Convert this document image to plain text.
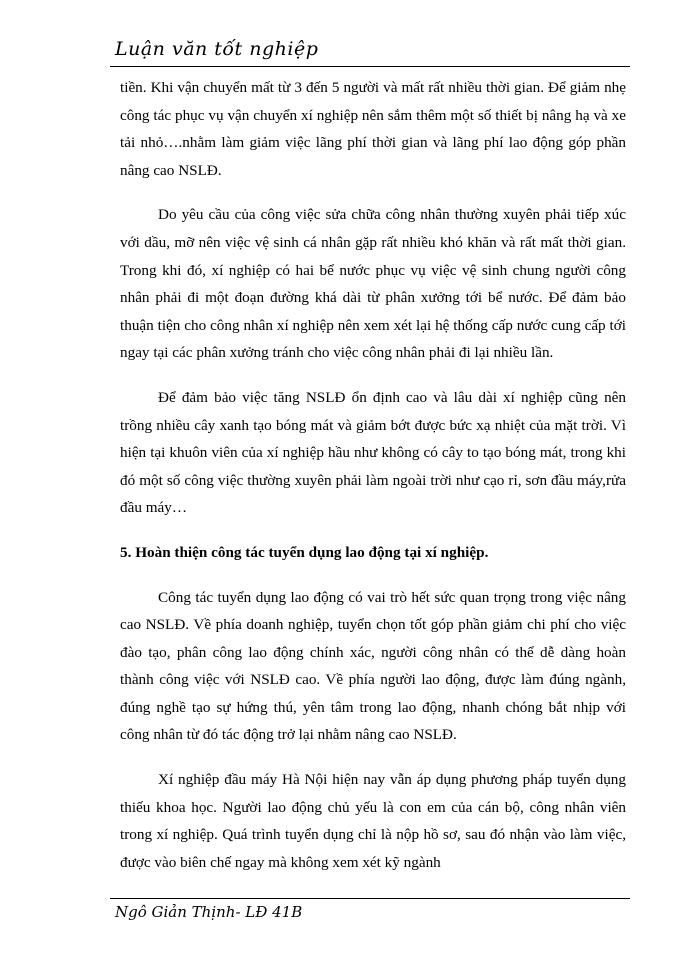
Luận văn tốt nghiệp

tiền. Khi vận chuyển mất từ 3 đến 5 người và mất rất nhiều thời gian. Để giảm nhẹ công tác phục vụ vận chuyển xí nghiệp nên sắm thêm một số thiết bị nâng hạ và xe tải nhỏ….nhằm làm giảm việc lãng phí thời gian và lãng phí lao động góp phần nâng cao NSLĐ.

Do yêu cầu của công việc sửa chữa công nhân thường xuyên phải tiếp xúc với dầu, mỡ nên việc vệ sinh cá nhân gặp rất nhiều khó khăn và rất mất thời gian. Trong khi đó, xí nghiệp có hai bể nước phục vụ việc vệ sinh chung người công nhân phải đi một đoạn đường khá dài từ phân xưởng tới bể nước. Để đảm bảo thuận tiện cho công nhân xí nghiệp nên xem xét lại hệ thống cấp nước cung cấp tới ngay tại các phân xưởng tránh cho việc công nhân phải đi lại nhiều lần.

Để đảm bảo việc tăng NSLĐ ổn định cao và lâu dài xí nghiệp cũng nên trồng nhiều cây xanh tạo bóng mát và giảm bớt được bức xạ nhiệt của mặt trời. Vì hiện tại khuôn viên của xí nghiệp hầu như không có cây to tạo bóng mát, trong khi đó một số công việc thường xuyên phải làm ngoài trời như cạo rỉ, sơn đầu máy,rửa đầu máy…

5. Hoàn thiện công tác tuyển dụng lao động tại xí nghiệp.

Công tác tuyển dụng lao động có vai trò hết sức quan trọng trong việc nâng cao NSLĐ. Về phía doanh nghiệp, tuyển chọn tốt góp phần giảm chi phí cho việc đào tạo, phân công lao động chính xác, người công nhân có thể dễ dàng hoàn thành công việc với NSLĐ cao. Về phía người lao động, được làm đúng ngành, đúng nghề tạo sự hứng thú, yên tâm trong lao động, nhanh chóng bắt nhịp với công nhân từ đó tác động trở lại nhằm nâng cao NSLĐ.

Xí nghiệp đầu máy Hà Nội hiện nay vẫn áp dụng phương pháp tuyển dụng thiếu khoa học. Người lao động chủ yếu là con em của cán bộ, công nhân viên trong xí nghiệp. Quá trình tuyển dụng chỉ là nộp hồ sơ, sau đó nhận vào làm việc, được vào biên chế ngay mà không xem xét kỹ ngành

Ngô Giản Thịnh- LĐ 41B
